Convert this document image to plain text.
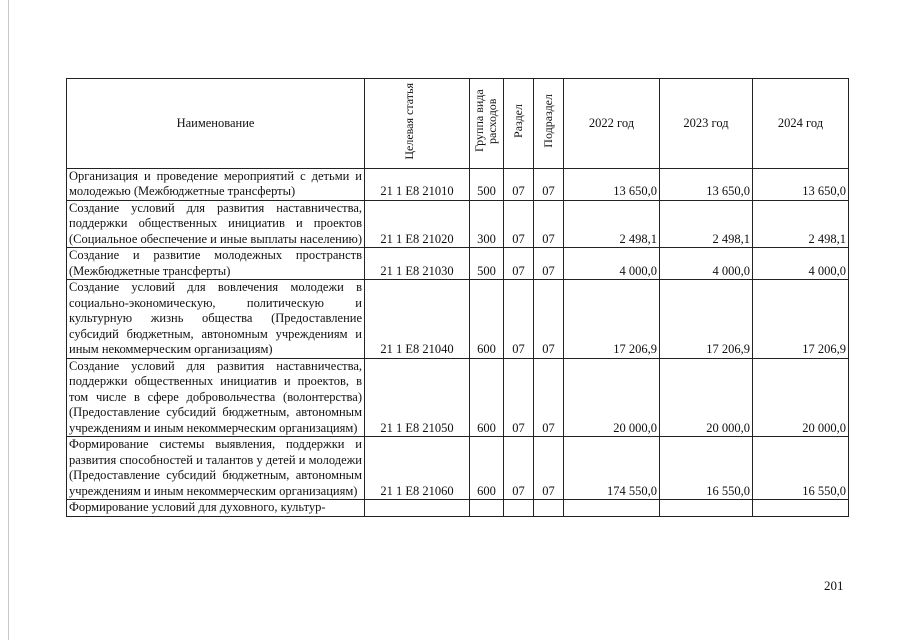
Наименование	Целевая статья	Группа вида расходов	Раздел	Подраздел	2022 год	2023 год	2024 год
Организация и проведение мероприятий с детьми и молодежью (Межбюджетные трансферты)	21 1 Е8 21010	500	07	07	13 650,0	13 650,0	13 650,0
Создание условий для развития наставничества, поддержки общественных инициатив и проектов (Социальное обеспечение и иные выплаты населению)	21 1 Е8 21020	300	07	07	2 498,1	2 498,1	2 498,1
Создание и развитие молодежных пространств (Межбюджетные трансферты)	21 1 Е8 21030	500	07	07	4 000,0	4 000,0	4 000,0
Создание условий для вовлечения молодежи в социально-экономическую, политическую и культурную жизнь общества (Предоставление субсидий бюджетным, автономным учреждениям и иным некоммерческим организациям)	21 1 Е8 21040	600	07	07	17 206,9	17 206,9	17 206,9
Создание условий для развития наставничества, поддержки общественных инициатив и проектов, в том числе в сфере добровольчества (волонтерства) (Предоставление субсидий бюджетным, автономным учреждениям и иным некоммерческим организациям)	21 1 Е8 21050	600	07	07	20 000,0	20 000,0	20 000,0
Формирование системы выявления, поддержки и развития способностей и талантов у детей и молодежи (Предоставление субсидий бюджетным, автономным учреждениям и иным некоммерческим организациям)	21 1 Е8 21060	600	07	07	174 550,0	16 550,0	16 550,0
Формирование условий для духовного, культур-							
201
